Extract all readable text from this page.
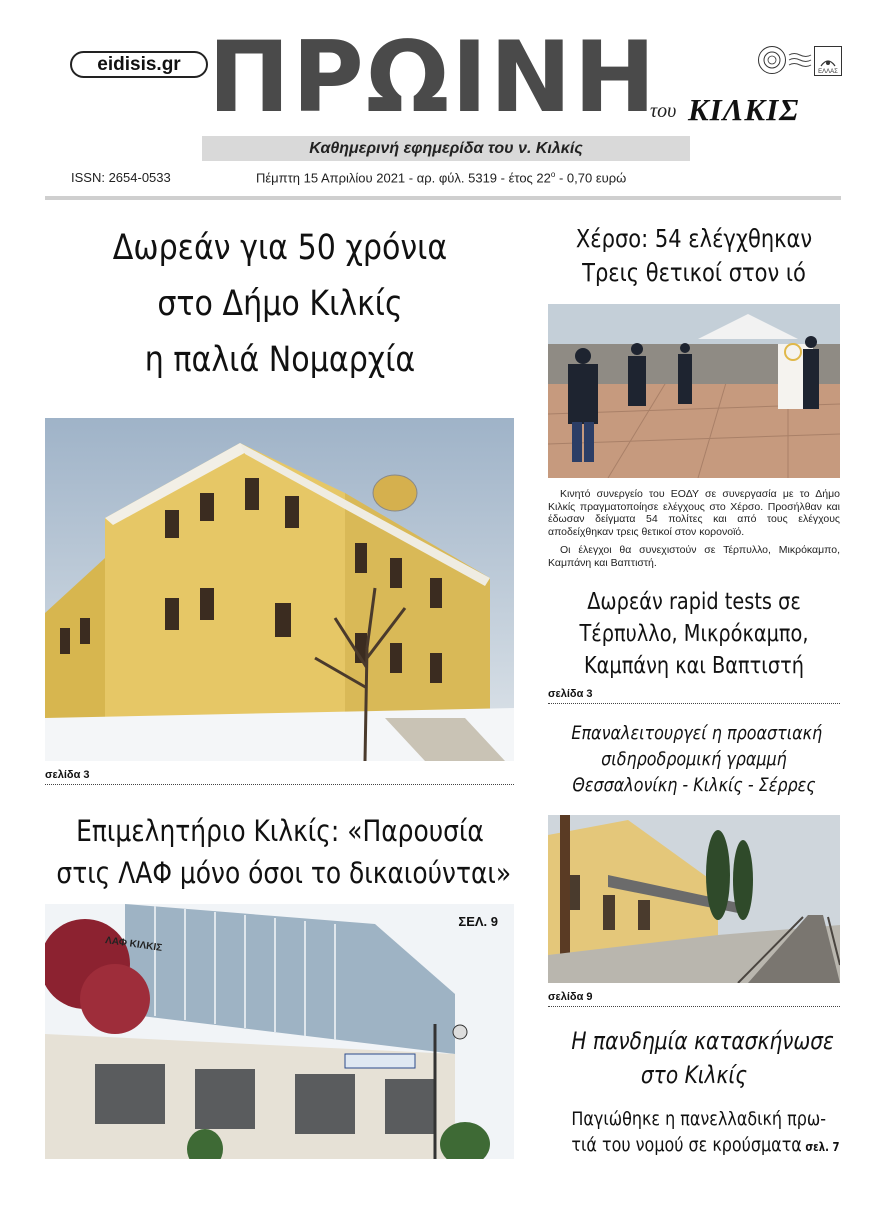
eidisis.gr ΠΡΩΙΝΗ
του ΚΙΛΚΙΣ
ΕΛΛΑΣ
Καθημερινή εφημερίδα του ν. Κιλκίς
ISSN: 2654-0533	Πέμπτη 15 Απριλίου 2021 - αρ. φύλ. 5319 - έτος $22^o - 0,70$ ευρώ
Δωρεάν για 50 χρόνια
στο Δήμο Κιλκίς
η παλιά Νομαρχία
σελίδα 3
Επιμελητήριο Κιλκίς: «Παρουσία
στις ΛΑΦ μόνο όσοι το δικαιούνται»
ΛΑΦ ΚΙΛΚΙΣ
ΣΕΛ. 9
Χέρσο: 54 ελέγχθηκαν
Τρεις θετικοί στον ιό
Κινητό συνεργείο του ΕΟΔΥ σε συνεργασία με το Δήμο Κιλκίς πραγματοποίησε ελέγχους στο Χέρσο. Προσήλθαν και έδωσαν δείγματα 54 πολίτες και από τους ελέγχους αποδείχθηκαν τρεις θετικοί στον κορονοϊό.
Οι έλεγχοι θα συνεχιστούν σε Τέρπυλλο, Μικρόκαμπο, Καμπάνη και Βαπτιστή.
Δωρεάν rapid tests σε
Τέρπυλλο, Μικρόκαμπο,
Καμπάνη και Βαπτιστή
σελίδα 3
Επαναλειτουργεί η προαστιακή
σιδηροδρομική γραμμή
Θεσσαλονίκη - Κιλκίς - Σέρρες
σελίδα 9
Η πανδημία κατασκήνωσε
στο Κιλκίς
Παγιώθηκε η πανελλαδική πρω-
τιά του νομού σε κρούσματα σελ. 7
